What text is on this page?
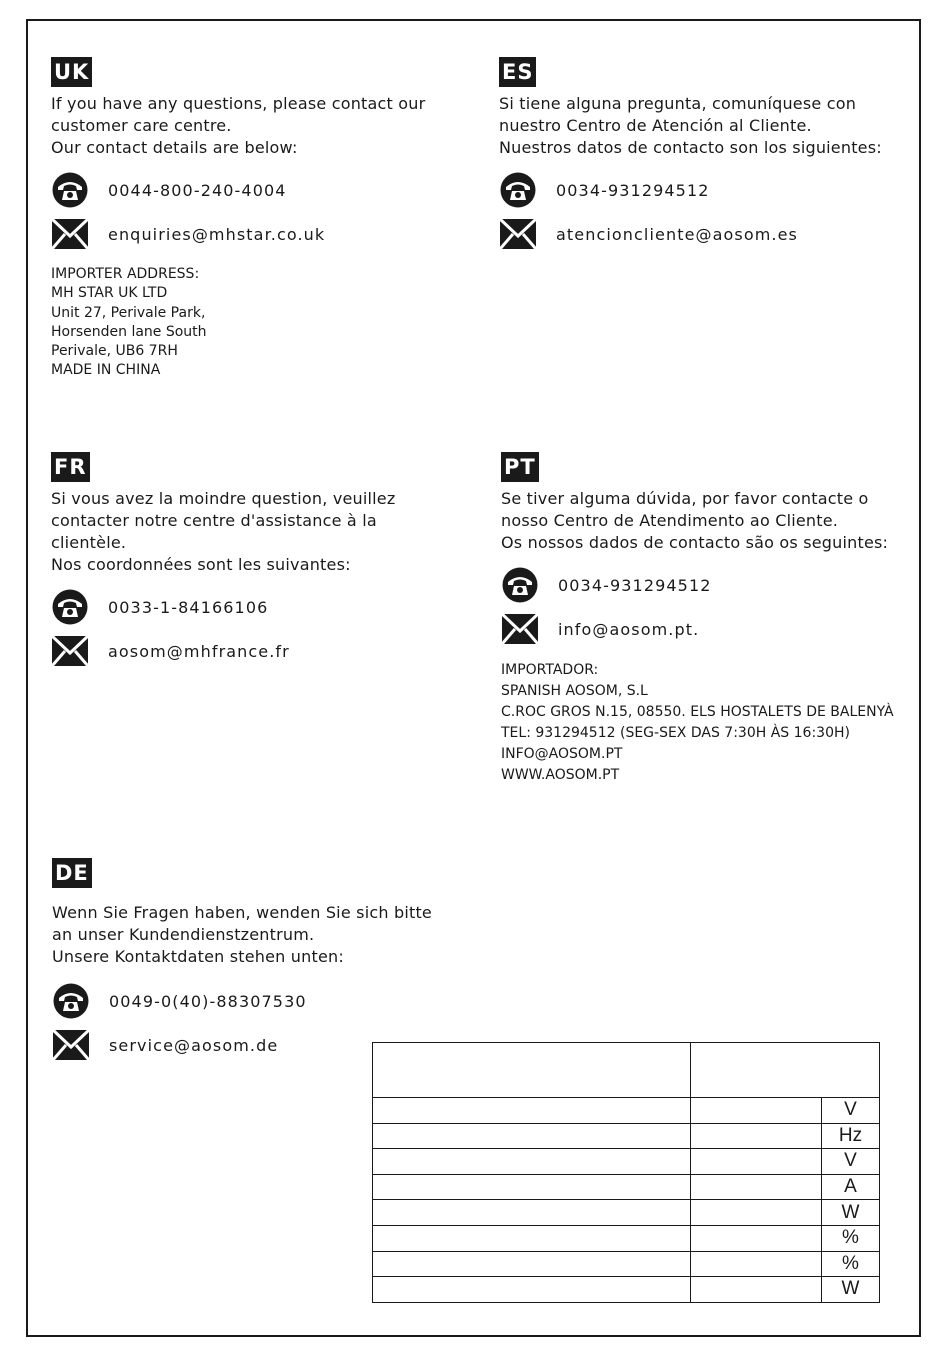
UK
If you have any questions, please contact our
customer care centre.
Our contact details are below:
0044-800-240-4004
enquiries@mhstar.co.uk
IMPORTER ADDRESS:
MH STAR UK LTD
Unit 27, Perivale Park,
Horsenden lane South
Perivale, UB6 7RH
MADE IN CHINA
ES
Si tiene alguna pregunta, comuníquese con
nuestro Centro de Atención al Cliente.
Nuestros datos de contacto son los siguientes:
0034-931294512
atencioncliente@aosom.es
FR
Si vous avez la moindre question, veuillez
contacter notre centre d'assistance à la
clientèle.
Nos coordonnées sont les suivantes:
0033-1-84166106
aosom@mhfrance.fr
PT
Se tiver alguma dúvida, por favor contacte o
nosso Centro de Atendimento ao Cliente.
Os nossos dados de contacto são os seguintes:
0034-931294512
info@aosom.pt.
IMPORTADOR:
SPANISH AOSOM, S.L
C.ROC GROS N.15, 08550. ELS HOSTALETS DE BALENYÀ
TEL: 931294512 (SEG-SEX DAS 7:30H ÀS 16:30H)
INFO@AOSOM.PT
WWW.AOSOM.PT
DE
Wenn Sie Fragen haben, wenden Sie sich bitte
an unser Kundendienstzentrum.
Unsere Kontaktdaten stehen unten:
0049-0(40)-88307530
service@aosom.de

		V
		Hz
		V
		A
		W
		%
		%
		W
